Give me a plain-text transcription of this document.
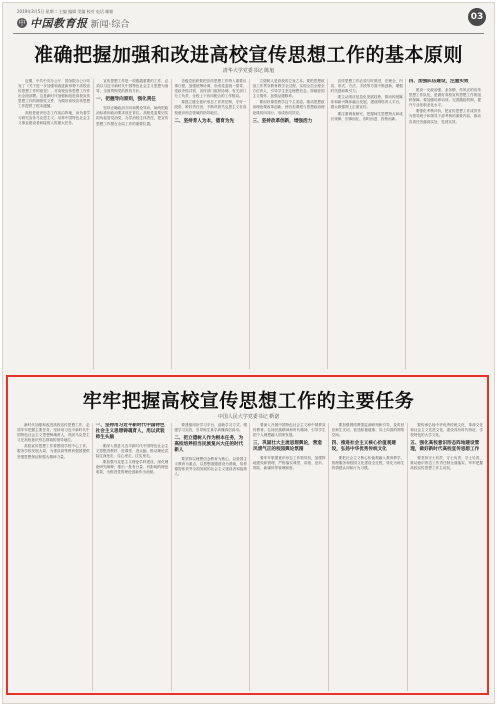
2019年3月5日 星期二 主编 编辑 美编 校对 电话 邮箱
中 中国教育报 新闻·综合
03
准确把握加强和改进高校宣传思想工作的基本原则
清华大学党委书记 陈旭

近期，中共中央办公厅、国务院办公厅印发了《关于进一步加强和改进新形势下高校宣传思想工作的意见》，对高校宣传思想工作作出全面部署。这是新时代加强和改进高校宣传思想工作的纲领性文件，为做好高校宣传思想工作提供了根本遵循。

高校是意识形态工作前沿阵地，肩负着学习研究宣传马克思主义、培养中国特色社会主义事业建设者和接班人的重大任务。

宣传思想工作是一项极端重要的工作，必须以习近平新时代中国特色社会主义思想为指导，全面贯彻党的教育方针。

一、把握导向原则，强化责任

坚持正确政治方向和舆论导向，始终把政治标准和政治要求放在首位。高校党委要切实担负起管党治党、办学治校主体责任，把宣传思想工作摆在全局工作的重要位置。

各级党组织要把宣传思想工作纳入重要议事日程，加强统筹协调，形成党委统一领导、党政齐抓共管、宣传部门组织协调、有关部门分工负责、全校上下协同配合的工作格局。

要建立健全意识形态工作责任制，守好一段渠、种好责任田，不断巩固马克思主义在高校意识形态领域的指导地位。

二、坚持育人为本，德育为先

立德树人是高校的立身之本。要把思想政治工作贯穿教育教学全过程，实现全员全程全方位育人，引导学生坚定理想信念、厚植爱国主义情怀、加强品德修养。

要用好课堂教学这个主渠道，推动思想政治理论课改革创新，使各类课程与思想政治理论课同向同行，形成协同效应。

三、坚持改革创新，增强活力

宣传思想工作必须与时俱进，在理念、内容、形式、方法、手段等方面不断创新，增强时代感和吸引力。

要主动适应信息化发展趋势，推动传统媒体和新兴媒体融合发展，建设网络育人平台，做大做强网上正面宣传。

要注重调查研究，把握师生思想特点和成长规律，因事而化、因时而进、因势而新。

四、加强队伍建设，注重实效

建设一支政治强、业务精、作风正的宣传思想工作队伍，是做好高校宣传思想工作的组织保障。要加强培养培训，完善激励机制，提升专业化职业化水平。

要强化考核评价，把宣传思想工作成效作为领导班子和领导干部考核的重要内容，推动各项任务落到实处、见到实效。

牢牢把握高校宣传思想工作的主要任务
中国人民大学党委书记 靳诺

新时代加强和改进高校宣传思想工作，必须牢牢把握主要任务，坚持用习近平新时代中国特色社会主义思想铸魂育人，巩固马克思主义在高校意识形态领域的指导地位。

高校宣传思想工作要围绕学校中心工作，服务学校发展大局，为建设高等教育强国提供坚强思想保证和强大精神力量。

一、坚持用习近平新时代中国特色社会主义思想铸魂育人，用以武装师生头脑

要深入推进习近平新时代中国特色社会主义思想进教材、进课堂、进头脑，推动理论武装往深里走、往心里走、往实里走。

要加强马克思主义理论学科建设，深化理论研究阐释，推出一批有分量、有影响的理论成果，为推进党的理论创新作出贡献。

要建强用好学习平台，创新学习方式，增强学习实效，引导师生真学真懂真信真用。

二、把立德树人作为根本任务，为高校培养担当民族复兴大任的时代新人

要坚持以理想信念教育为核心，以爱国主义教育为重点，以思想道德建设为基础，培养德智体美劳全面发展的社会主义建设者和接班人。

要深入开展中国特色社会主义和中国梦宣传教育，弘扬民族精神和时代精神，引导学生把个人理想融入国家发展。

三、巩固壮大主流思想舆论，营造风清气正的校园舆论氛围

要牢牢掌握意识形态工作领导权，加强阵地建设和管理，严格落实课堂、讲座、论坛、网站、新媒体等管理制度。

要加强网络舆情监测研判和引导，及时回应师生关切，营造积极健康、向上向善的网络空间。

四、推进社会主义核心价值观建设，弘扬中华优秀传统文化

要把社会主义核心价值观融入教育教学、管理服务和校园文化建设全过程，转化为师生的情感认同和行为习惯。

要传承弘扬中华优秀传统文化、革命文化和社会主义先进文化，建设具有时代特征、学校特色的大学文化。

五、强化高校意识形态阵地建设管理，做好新时代高校宣传思想工作

要坚持守土有责、守土负责、守土尽责，推动意识形态工作责任制全面落实，牢牢把握高校宣传思想工作主动权。
